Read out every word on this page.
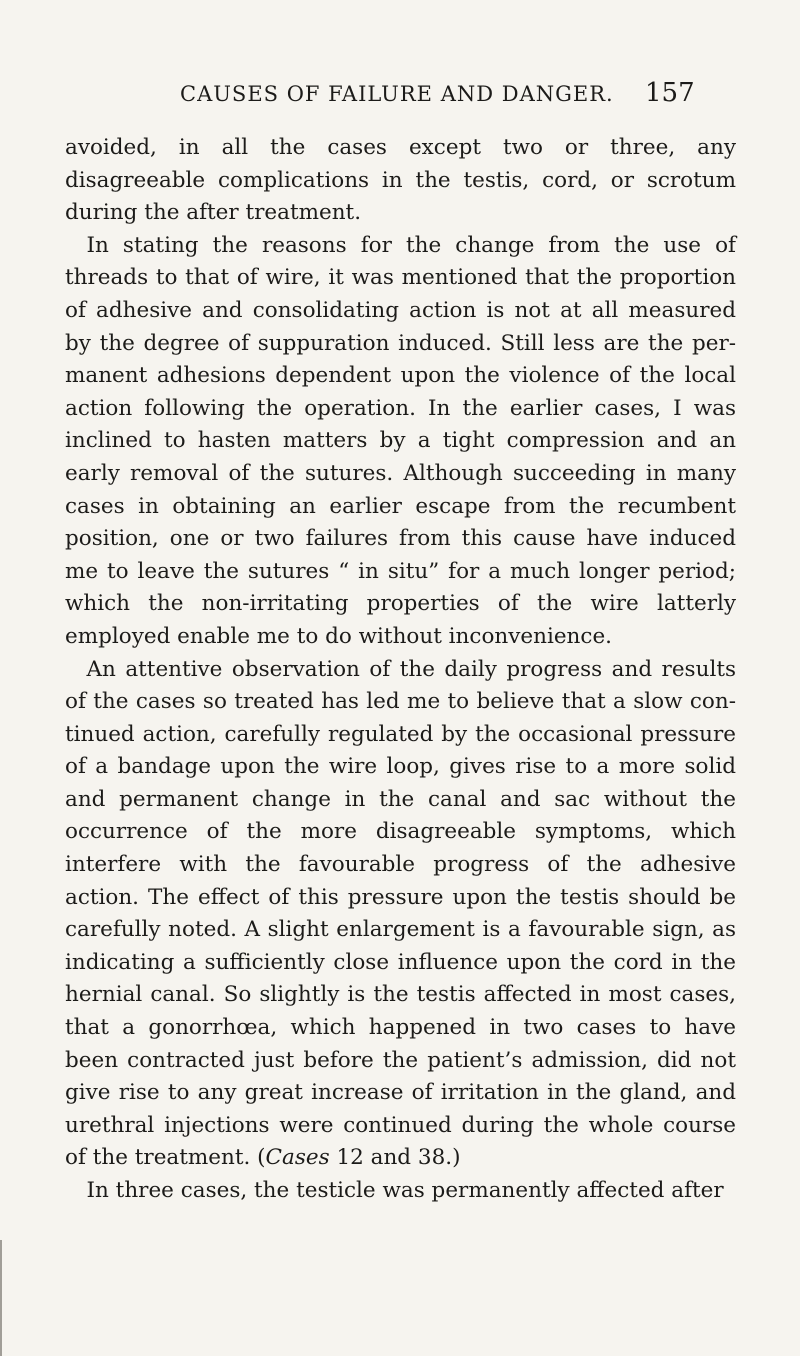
CAUSES OF FAILURE AND DANGER. 157

avoided, in all the cases except two or three, any disagreeable complications in the testis, cord, or scrotum during the after treatment.

In stating the reasons for the change from the use of threads to that of wire, it was mentioned that the proportion of adhesive and consolidating action is not at all measured by the degree of suppuration induced. Still less are the per-manent adhesions dependent upon the violence of the local action following the operation. In the earlier cases, I was inclined to hasten matters by a tight compression and an early removal of the sutures. Although succeeding in many cases in obtaining an earlier escape from the recumbent position, one or two failures from this cause have induced me to leave the sutures “ in situ” for a much longer period; which the non-irritating properties of the wire latterly employed enable me to do without inconvenience.

An attentive observation of the daily progress and results of the cases so treated has led me to believe that a slow con-tinued action, carefully regulated by the occasional pressure of a bandage upon the wire loop, gives rise to a more solid and permanent change in the canal and sac without the occurrence of the more disagreeable symptoms, which interfere with the favourable progress of the adhesive action. The effect of this pressure upon the testis should be carefully noted. A slight enlargement is a favourable sign, as indicating a sufficiently close influence upon the cord in the hernial canal. So slightly is the testis affected in most cases, that a gonorrhœa, which happened in two cases to have been contracted just before the patient’s admission, did not give rise to any great increase of irritation in the gland, and urethral injections were continued during the whole course of the treatment. (Cases 12 and 38.)

In three cases, the testicle was permanently affected after
